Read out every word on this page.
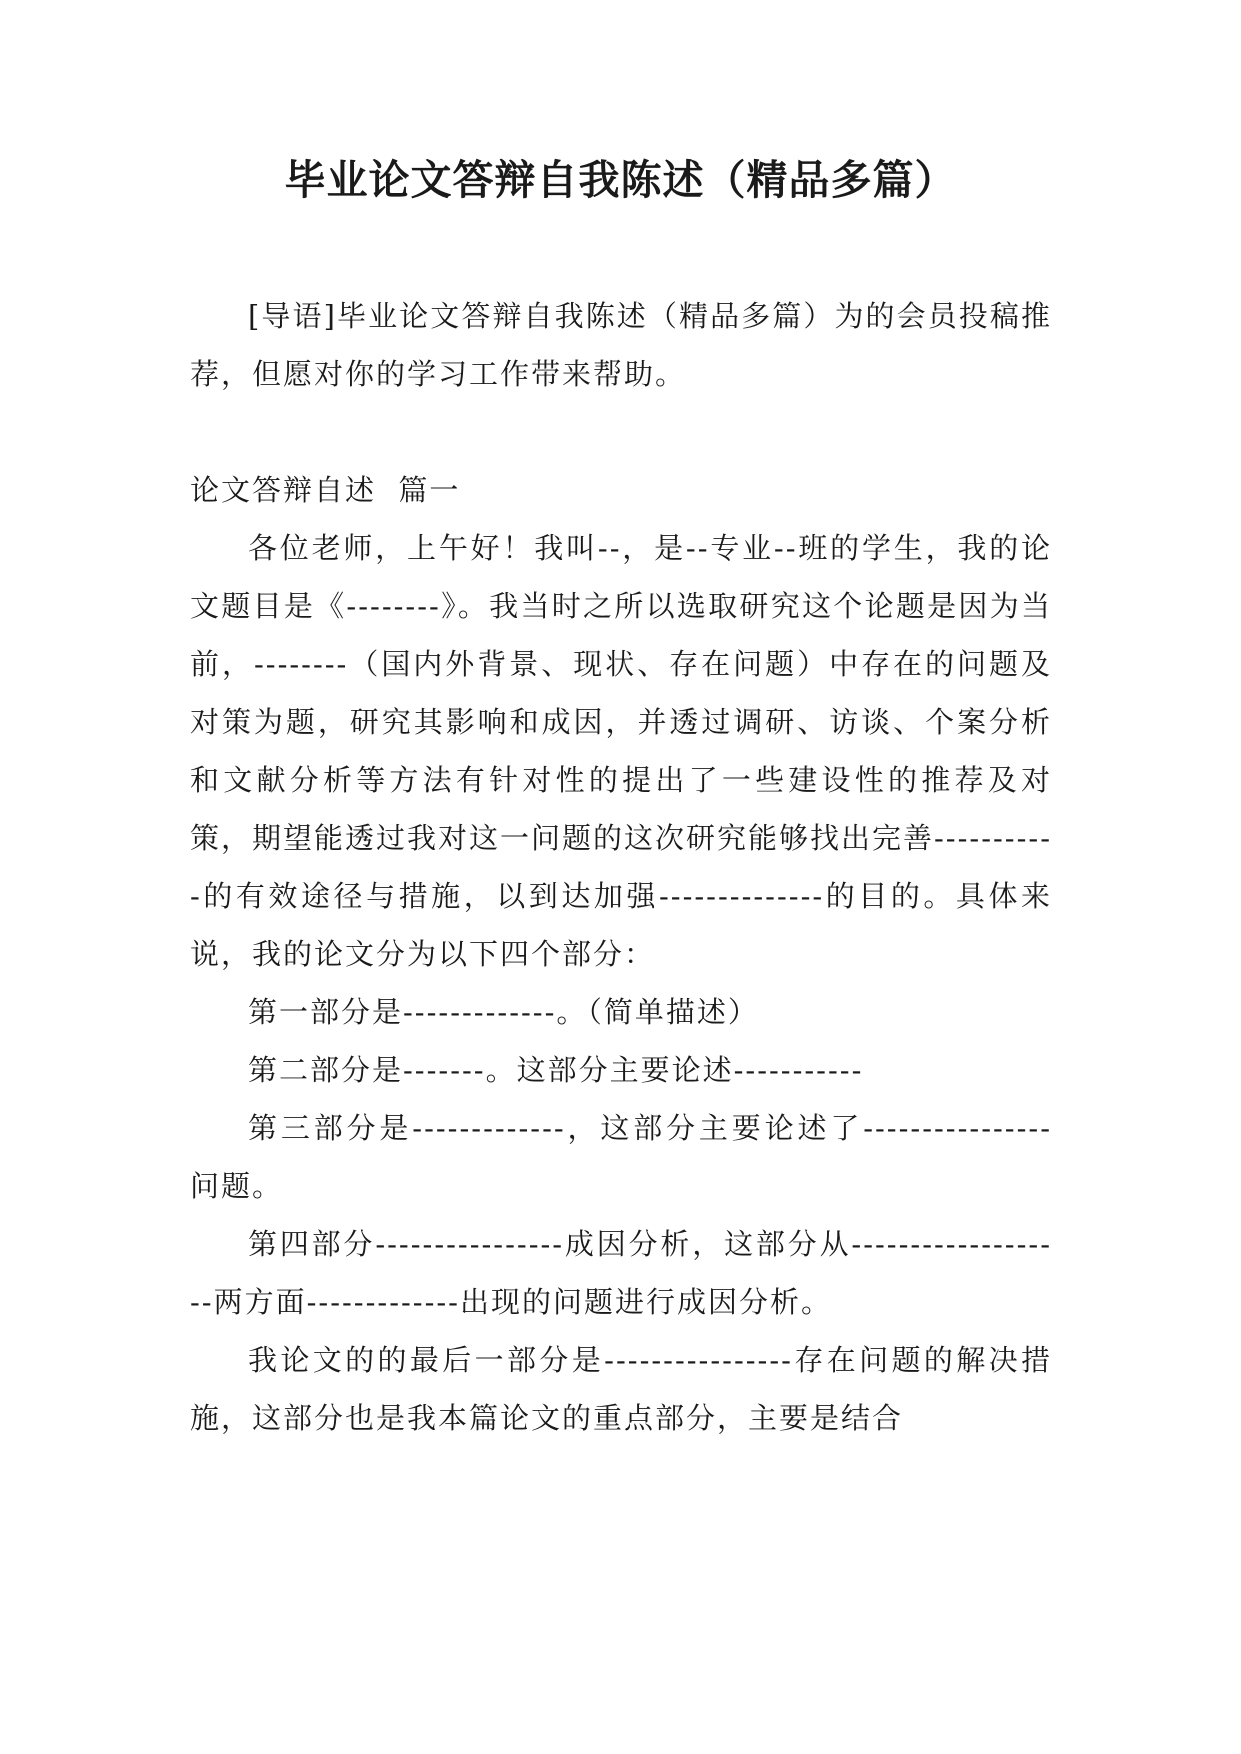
毕业论文答辩自我陈述（精品多篇）

[导语]毕业论文答辩自我陈述（精品多篇）为的会员投稿推荐，但愿对你的学习工作带来帮助。

论文答辩自述  篇一

各位老师，上午好！我叫--，是--专业--班的学生，我的论文题目是《--------》。我当时之所以选取研究这个论题是因为当前，--------（国内外背景、现状、存在问题）中存在的问题及对策为题，研究其影响和成因，并透过调研、访谈、个案分析和文献分析等方法有针对性的提出了一些建设性的推荐及对策，期望能透过我对这一问题的这次研究能够找出完善-----------的有效途径与措施，以到达加强--------------的目的。具体来说，我的论文分为以下四个部分：

第一部分是-------------。（简单描述）

第二部分是-------。这部分主要论述-----------

第三部分是-------------，这部分主要论述了----------------问题。

第四部分----------------成因分析，这部分从-------------------两方面-------------出现的问题进行成因分析。

我论文的的最后一部分是----------------存在问题的解决措施，这部分也是我本篇论文的重点部分，主要是结合
